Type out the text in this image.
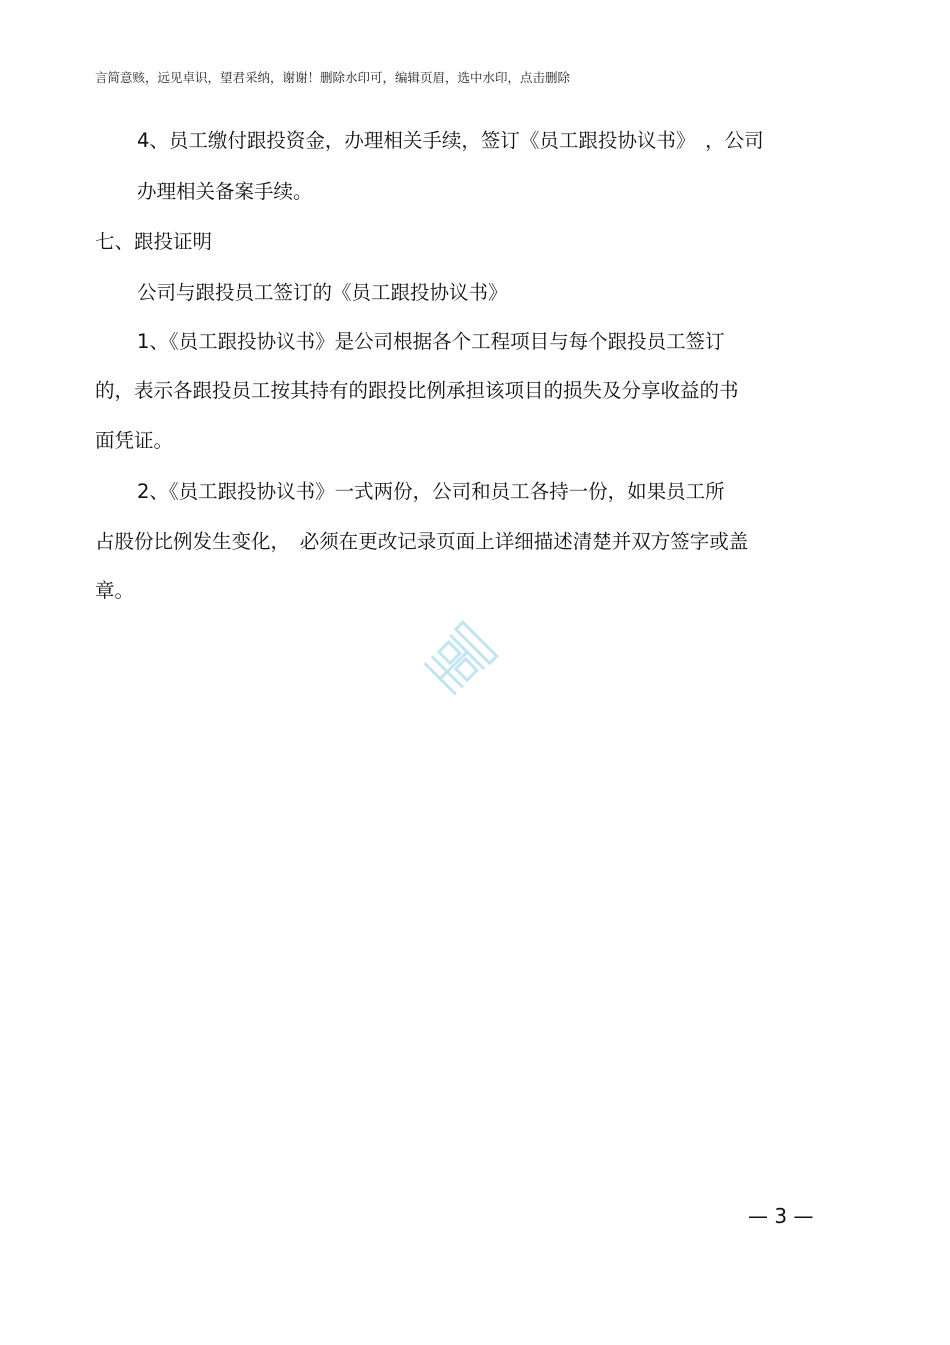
言简意赅，远见卓识，望君采纳，谢谢！删除水印可，编辑页眉，选中水印，点击删除
4、员工缴付跟投资金，办理相关手续，签订《员工跟投协议书》　，公司
办理相关备案手续。
七、跟投证明
公司与跟投员工签订的《员工跟投协议书》
1、《员工跟投协议书》是公司根据各个工程项目与每个跟投员工签订
的，表示各跟投员工按其持有的跟投比例承担该项目的损失及分享收益的书
面凭证。
2、《员工跟投协议书》一式两份，公司和员工各持一份，如果员工所
占股份比例发生变化，　必须在更改记录页面上详细描述清楚并双方签字或盖
章。
— 3 —
